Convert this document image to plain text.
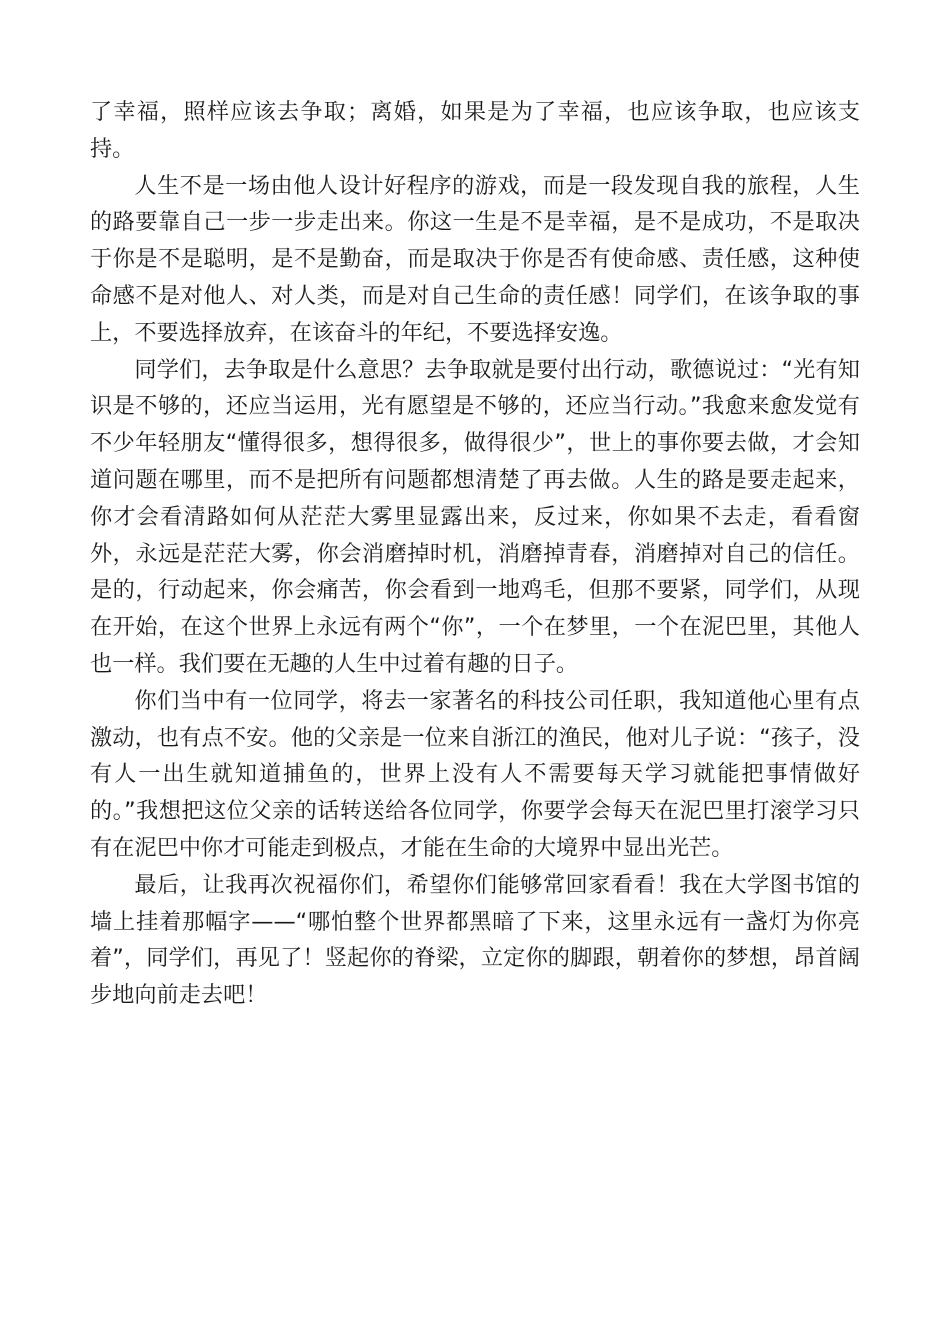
了幸福，照样应该去争取；离婚，如果是为了幸福，也应该争取，也应该支持。

人生不是一场由他人设计好程序的游戏，而是一段发现自我的旅程，人生的路要靠自己一步一步走出来。你这一生是不是幸福，是不是成功，不是取决于你是不是聪明，是不是勤奋，而是取决于你是否有使命感、责任感，这种使命感不是对他人、对人类，而是对自己生命的责任感！同学们，在该争取的事上，不要选择放弃，在该奋斗的年纪，不要选择安逸。

同学们，去争取是什么意思？去争取就是要付出行动，歌德说过：“光有知识是不够的，还应当运用，光有愿望是不够的，还应当行动。”我愈来愈发觉有不少年轻朋友“懂得很多，想得很多，做得很少”，世上的事你要去做，才会知道问题在哪里，而不是把所有问题都想清楚了再去做。人生的路是要走起来，你才会看清路如何从茫茫大雾里显露出来，反过来，你如果不去走，看看窗外，永远是茫茫大雾，你会消磨掉时机，消磨掉青春，消磨掉对自己的信任。是的，行动起来，你会痛苦，你会看到一地鸡毛，但那不要紧，同学们，从现在开始，在这个世界上永远有两个“你”，一个在梦里，一个在泥巴里，其他人也一样。我们要在无趣的人生中过着有趣的日子。

你们当中有一位同学，将去一家著名的科技公司任职，我知道他心里有点激动，也有点不安。他的父亲是一位来自浙江的渔民，他对儿子说：“孩子，没有人一出生就知道捕鱼的，世界上没有人不需要每天学习就能把事情做好的。”我想把这位父亲的话转送给各位同学，你要学会每天在泥巴里打滚学习只有在泥巴中你才可能走到极点，才能在生命的大境界中显出光芒。

最后，让我再次祝福你们，希望你们能够常回家看看！我在大学图书馆的墙上挂着那幅字——“哪怕整个世界都黑暗了下来，这里永远有一盏灯为你亮着”，同学们，再见了！竖起你的脊梁，立定你的脚跟，朝着你的梦想，昂首阔步地向前走去吧！
